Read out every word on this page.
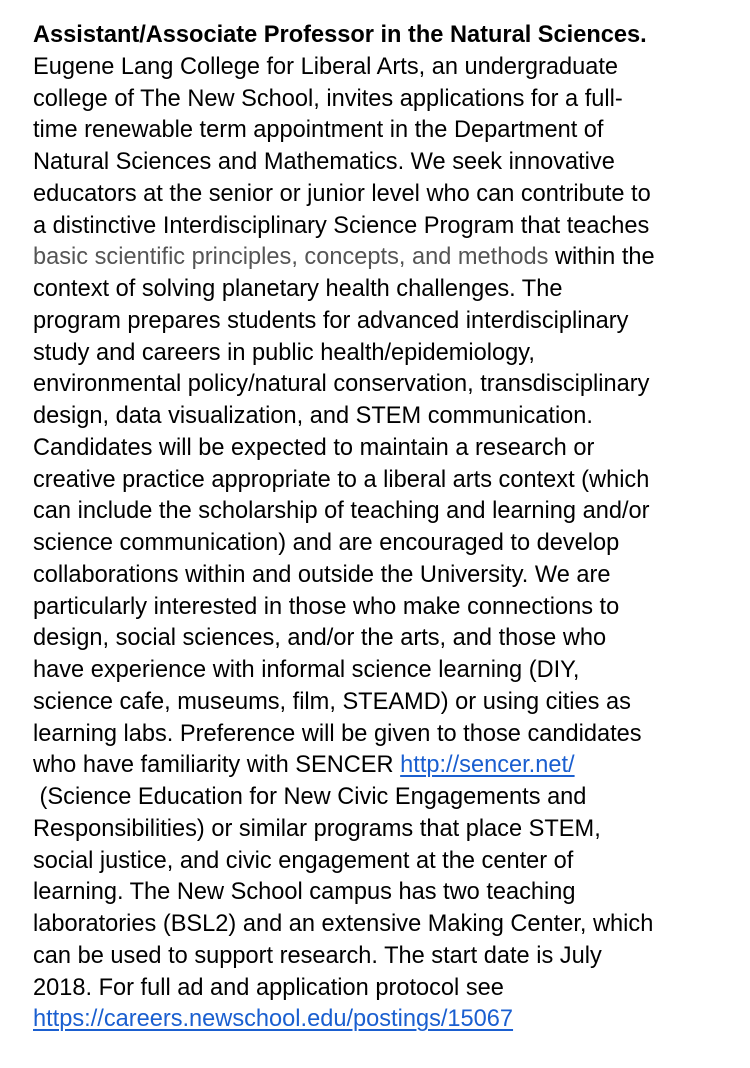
Assistant/Associate Professor in the Natural Sciences.
Eugene Lang College for Liberal Arts, an undergraduate
college of The New School, invites applications for a full-
time renewable term appointment in the Department of
Natural Sciences and Mathematics. We seek innovative
educators at the senior or junior level who can contribute to
a distinctive Interdisciplinary Science Program that teaches
basic scientific principles, concepts, and methods within the
context of solving planetary health challenges. The
program prepares students for advanced interdisciplinary
study and careers in public health/epidemiology,
environmental policy/natural conservation, transdisciplinary
design, data visualization, and STEM communication.
Candidates will be expected to maintain a research or
creative practice appropriate to a liberal arts context (which
can include the scholarship of teaching and learning and/or
science communication) and are encouraged to develop
collaborations within and outside the University. We are
particularly interested in those who make connections to
design, social sciences, and/or the arts, and those who
have experience with informal science learning (DIY,
science cafe, museums, film, STEAMD) or using cities as
learning labs. Preference will be given to those candidates
who have familiarity with SENCER http://sencer.net/
(Science Education for New Civic Engagements and
Responsibilities) or similar programs that place STEM,
social justice, and civic engagement at the center of
learning. The New School campus has two teaching
laboratories (BSL2) and an extensive Making Center, which
can be used to support research. The start date is July
2018. For full ad and application protocol see
https://careers.newschool.edu/postings/15067
